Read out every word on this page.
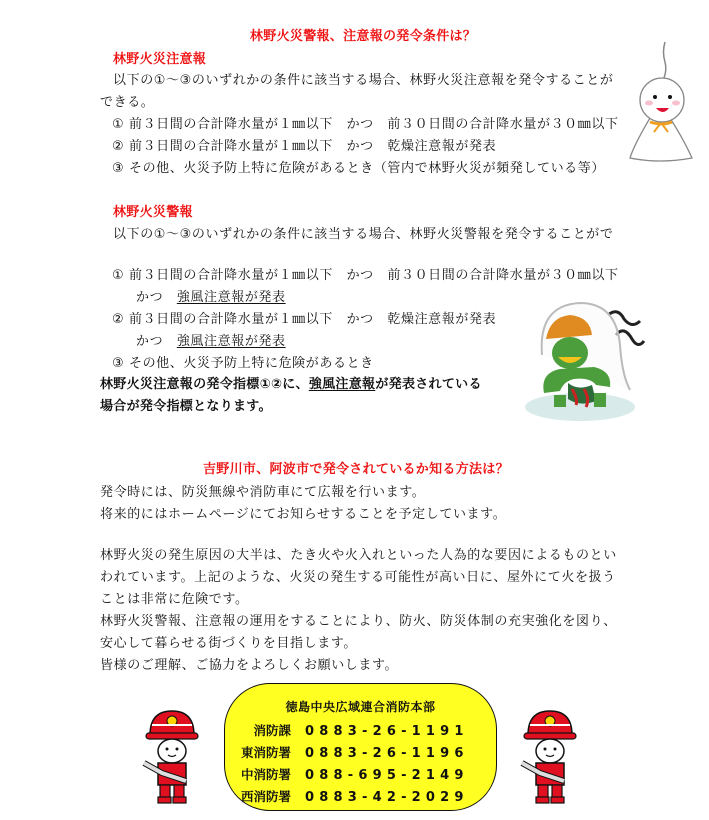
林野火災警報、注意報の発令条件は？
林野火災注意報
以下の①～③のいずれかの条件に該当する場合、林野火災注意報を発令することが
できる。
① 前３日間の合計降水量が１㎜以下　かつ　前３０日間の合計降水量が３０㎜以下
② 前３日間の合計降水量が１㎜以下　かつ　乾燥注意報が発表
③ その他、火災予防上特に危険があるとき（管内で林野火災が頻発している等）
林野火災警報
以下の①～③のいずれかの条件に該当する場合、林野火災警報を発令することがで
① 前３日間の合計降水量が１㎜以下　かつ　前３０日間の合計降水量が３０㎜以下
かつ　強風注意報が発表
② 前３日間の合計降水量が１㎜以下　かつ　乾燥注意報が発表
かつ　強風注意報が発表
③ その他、火災予防上特に危険があるとき
林野火災注意報の発令指標①②に、強風注意報が発表されている
場合が発令指標となります。
吉野川市、阿波市で発令されているか知る方法は？
発令時には、防災無線や消防車にて広報を行います。
将来的にはホームページにてお知らせすることを予定しています。
林野火災の発生原因の大半は、たき火や火入れといった人為的な要因によるものとい
われています。上記のような、火災の発生する可能性が高い日に、屋外にて火を扱う
ことは非常に危険です。
林野火災警報、注意報の運用をすることにより、防火、防災体制の充実強化を図り、
安心して暮らせる街づくりを目指します。
皆様のご理解、ご協力をよろしくお願いします。
徳島中央広域連合消防本部
消防課 0883-26-1191
東消防署 0883-26-1196
中消防署 088-695-2149
西消防署 0883-42-2029
